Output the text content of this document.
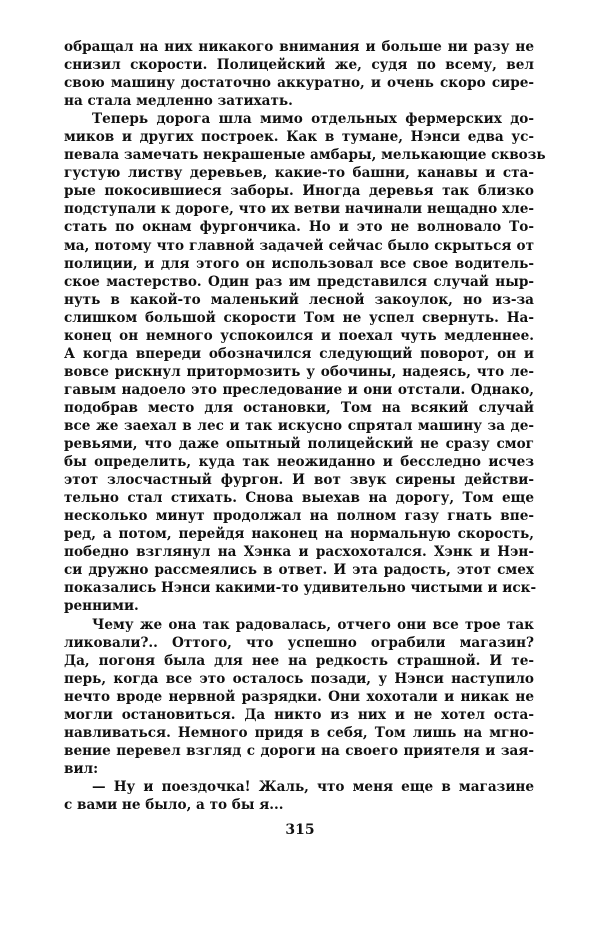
обращал на них никакого внимания и больше ни разу не
снизил скорости. Полицейский же, судя по всему, вел
свою машину достаточно аккуратно, и очень скоро сире-
на стала медленно затихать.
Теперь дорога шла мимо отдельных фермерских до-
миков и других построек. Как в тумане, Нэнси едва ус-
певала замечать некрашеные амбары, мелькающие сквозь
густую листву деревьев, какие-то башни, канавы и ста-
рые покосившиеся заборы. Иногда деревья так близко
подступали к дороге, что их ветви начинали нещадно хле-
стать по окнам фургончика. Но и это не волновало То-
ма, потому что главной задачей сейчас было скрыться от
полиции, и для этого он использовал все свое водитель-
ское мастерство. Один раз им представился случай ныр-
нуть в какой-то маленький лесной закоулок, но из-за
слишком большой скорости Том не успел свернуть. На-
конец он немного успокоился и поехал чуть медленнее.
А когда впереди обозначился следующий поворот, он и
вовсе рискнул притормозить у обочины, надеясь, что ле-
гавым надоело это преследование и они отстали. Однако,
подобрав место для остановки, Том на всякий случай
все же заехал в лес и так искусно спрятал машину за де-
ревьями, что даже опытный полицейский не сразу смог
бы определить, куда так неожиданно и бесследно исчез
этот злосчастный фургон. И вот звук сирены действи-
тельно стал стихать. Снова выехав на дорогу, Том еще
несколько минут продолжал на полном газу гнать впе-
ред, а потом, перейдя наконец на нормальную скорость,
победно взглянул на Хэнка и расхохотался. Хэнк и Нэн-
си дружно рассмеялись в ответ. И эта радость, этот смех
показались Нэнси какими-то удивительно чистыми и иск-
ренними.
Чему же она так радовалась, отчего они все трое так
ликовали?.. Оттого, что успешно ограбили магазин?
Да, погоня была для нее на редкость страшной. И те-
перь, когда все это осталось позади, у Нэнси наступило
нечто вроде нервной разрядки. Они хохотали и никак не
могли остановиться. Да никто из них и не хотел оста-
навливаться. Немного придя в себя, Том лишь на мгно-
вение перевел взгляд с дороги на своего приятеля и зая-
вил:
— Ну и поездочка! Жаль, что меня еще в магазине
с вами не было, а то бы я...
315
